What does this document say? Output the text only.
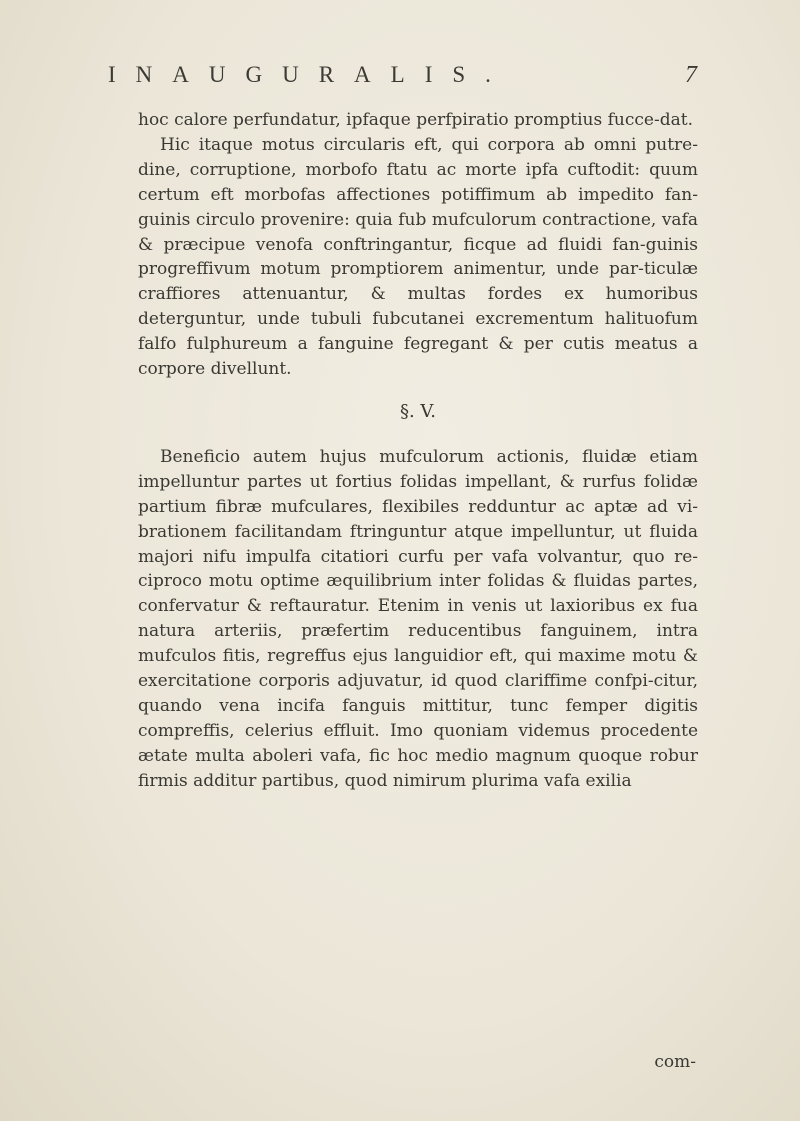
INAUGURALIS.	7

hoc calore perfundatur, ipfaque perfpiratio promptius fucce-dat.

Hic itaque motus circularis eft, qui corpora ab omni putre-dine, corruptione, morbofo ftatu ac morte ipfa cuftodit: quum certum eft morbofas affectiones potiffimum ab impedito fan-guinis circulo provenire: quia fub mufculorum contractione, vafa & præcipue venofa conftringantur, ficque ad fluidi fan-guinis progreffivum motum promptiorem animentur, unde par-ticulæ craffiores attenuantur, & multas fordes ex humoribus deterguntur, unde tubuli fubcutanei excrementum halituofum falfo fulphureum a fanguine fegregant & per cutis meatus a corpore divellunt.

§. V.

Beneficio autem hujus mufculorum actionis, fluidæ etiam impelluntur partes ut fortius folidas impellant, & rurfus folidæ partium fibræ mufculares, flexibiles redduntur ac aptæ ad vi-brationem facilitandam ftringuntur atque impelluntur, ut fluida majori nifu impulfa citatiori curfu per vafa volvantur, quo re-ciproco motu optime æquilibrium inter folidas & fluidas partes, confervatur & reftauratur. Etenim in venis ut laxioribus ex fua natura arteriis, præfertim reducentibus fanguinem, intra mufculos fitis, regreffus ejus languidior eft, qui maxime motu & exercitatione corporis adjuvatur, id quod clariffime confpi-citur, quando vena incifa fanguis mittitur, tunc femper digitis compreffis, celerius effluit. Imo quoniam videmus procedente ætate multa aboleri vafa, fic hoc medio magnum quoque robur firmis additur partibus, quod nimirum plurima vafa exilia

com-
